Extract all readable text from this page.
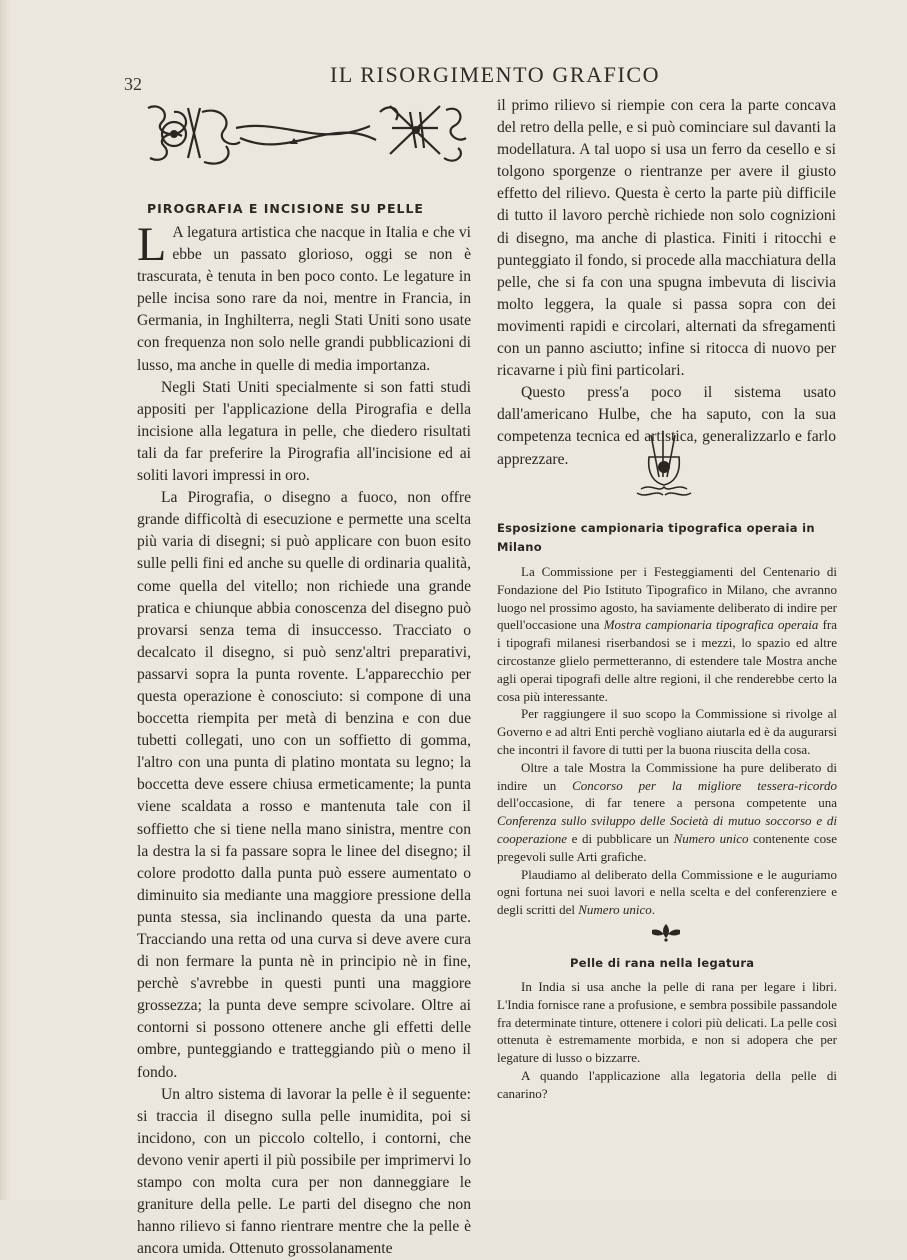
32	IL RISORGIMENTO GRAFICO
PIROGRAFIA E INCISIONE SU PELLE

L A legatura artistica che nacque in Italia e che vi ebbe un passato glorioso, oggi se non è trascurata, è tenuta in ben poco conto. Le legature in pelle incisa sono rare da noi, mentre in Francia, in Germania, in Inghilterra, negli Stati Uniti sono usate con frequenza non solo nelle grandi pubblicazioni di lusso, ma anche in quelle di media importanza.

Negli Stati Uniti specialmente si son fatti studi appositi per l'applicazione della Pirografia e della incisione alla legatura in pelle, che diedero risultati tali da far preferire la Pirografia all'incisione ed ai soliti lavori impressi in oro.

La Pirografia, o disegno a fuoco, non offre grande difficoltà di esecuzione e permette una scelta più varia di disegni; si può applicare con buon esito sulle pelli fini ed anche su quelle di ordinaria qualità, come quella del vitello; non richiede una grande pratica e chiunque abbia conoscenza del disegno può provarsi senza tema di insuccesso. Tracciato o decalcato il disegno, si può senz'altri preparativi, passarvi sopra la punta rovente. L'apparecchio per questa operazione è conosciuto: si compone di una boccetta riempita per metà di benzina e con due tubetti collegati, uno con un soffietto di gomma, l'altro con una punta di platino montata su legno; la boccetta deve essere chiusa ermeticamente; la punta viene scaldata a rosso e mantenuta tale con il soffietto che si tiene nella mano sinistra, mentre con la destra la si fa passare sopra le linee del disegno; il colore prodotto dalla punta può essere aumentato o diminuito sia mediante una maggiore pressione della punta stessa, sia inclinando questa da una parte. Tracciando una retta od una curva si deve avere cura di non fermare la punta nè in principio nè in fine, perchè s'avrebbe in questi punti una maggiore grossezza; la punta deve sempre scivolare. Oltre ai contorni si possono ottenere anche gli effetti delle ombre, punteggiando e tratteggiando più o meno il fondo.

Un altro sistema di lavorar la pelle è il seguente: si traccia il disegno sulla pelle inumidita, poi si incidono, con un piccolo coltello, i contorni, che devono venir aperti il più possibile per imprimervi lo stampo con molta cura per non danneggiare le graniture della pelle. Le parti del disegno che non hanno rilievo si fanno rientrare mentre che la pelle è ancora umida. Ottenuto grossolanamente

il primo rilievo si riempie con cera la parte concava del retro della pelle, e si può cominciare sul davanti la modellatura. A tal uopo si usa un ferro da cesello e si tolgono sporgenze o rientranze per avere il giusto effetto del rilievo. Questa è certo la parte più difficile di tutto il lavoro perchè richiede non solo cognizioni di disegno, ma anche di plastica. Finiti i ritocchi e punteggiato il fondo, si procede alla macchiatura della pelle, che si fa con una spugna imbevuta di liscivia molto leggera, la quale si passa sopra con dei movimenti rapidi e circolari, alternati da sfregamenti con un panno asciutto; infine si ritocca di nuovo per ricavarne i più fini particolari.

Questo press'a poco il sistema usato dall'americano Hulbe, che ha saputo, con la sua competenza tecnica ed artistica, generalizzarlo e farlo apprezzare.

Esposizione campionaria tipografica operaia in Milano

La Commissione per i Festeggiamenti del Centenario di Fondazione del Pio Istituto Tipografico in Milano, che avranno luogo nel prossimo agosto, ha saviamente deliberato di indire per quell'occasione una Mostra campionaria tipografica operaia fra i tipografi milanesi riserbandosi se i mezzi, lo spazio ed altre circostanze glielo permetteranno, di estendere tale Mostra anche agli operai tipografi delle altre regioni, il che renderebbe certo la cosa più interessante.

Per raggiungere il suo scopo la Commissione si rivolge al Governo e ad altri Enti perchè vogliano aiutarla ed è da augurarsi che incontri il favore di tutti per la buona riuscita della cosa.

Oltre a tale Mostra la Commissione ha pure deliberato di indire un Concorso per la migliore tessera-ricordo dell'occasione, di far tenere a persona competente una Conferenza sullo sviluppo delle Società di mutuo soccorso e di cooperazione e di pubblicare un Numero unico contenente cose pregevoli sulle Arti grafiche.

Plaudiamo al deliberato della Commissione e le auguriamo ogni fortuna nei suoi lavori e nella scelta e del conferenziere e degli scritti del Numero unico.

Pelle di rana nella legatura

In India si usa anche la pelle di rana per legare i libri. L'India fornisce rane a profusione, e sembra possibile passandole fra determinate tinture, ottenere i colori più delicati. La pelle così ottenuta è estremamente morbida, e non si adopera che per legature di lusso o bizzarre.

A quando l'applicazione alla legatoria della pelle di canarino?
